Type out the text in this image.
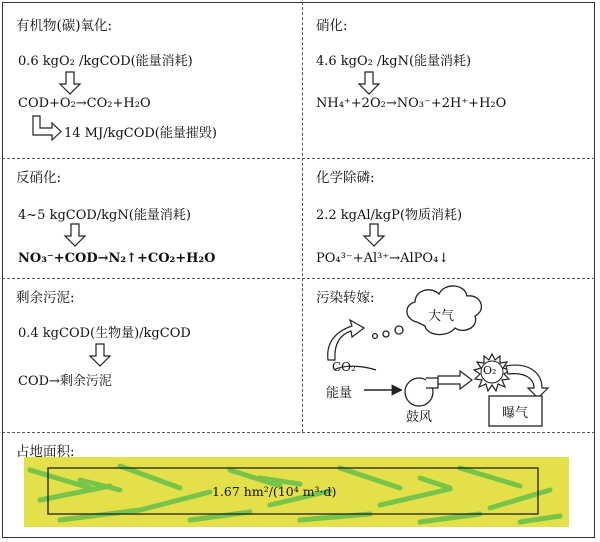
有机物(碳)氧化:
0.6 kgO₂ /kgCOD(能量消耗)
COD+O₂→CO₂+H₂O
14 MJ/kgCOD(能量摧毁)
硝化:
4.6 kgO₂ /kgN(能量消耗)
NH₄⁺+2O₂→NO₃⁻+2H⁺+H₂O
反硝化:
4~5 kgCOD/kgN(能量消耗)
NO₃⁻+COD→N₂↑+CO₂+H₂O
化学除磷:
2.2 kgAl/kgP(物质消耗)
PO₄³⁻+Al³⁺→AlPO₄↓
剩余污泥:
0.4 kgCOD(生物量)/kgCOD
COD→剩余污泥
污染转嫁:
大气
CO₂
能量
鼓风
O₂
曝气
占地面积:
1.67 hm²/(10⁴ m³·d)
